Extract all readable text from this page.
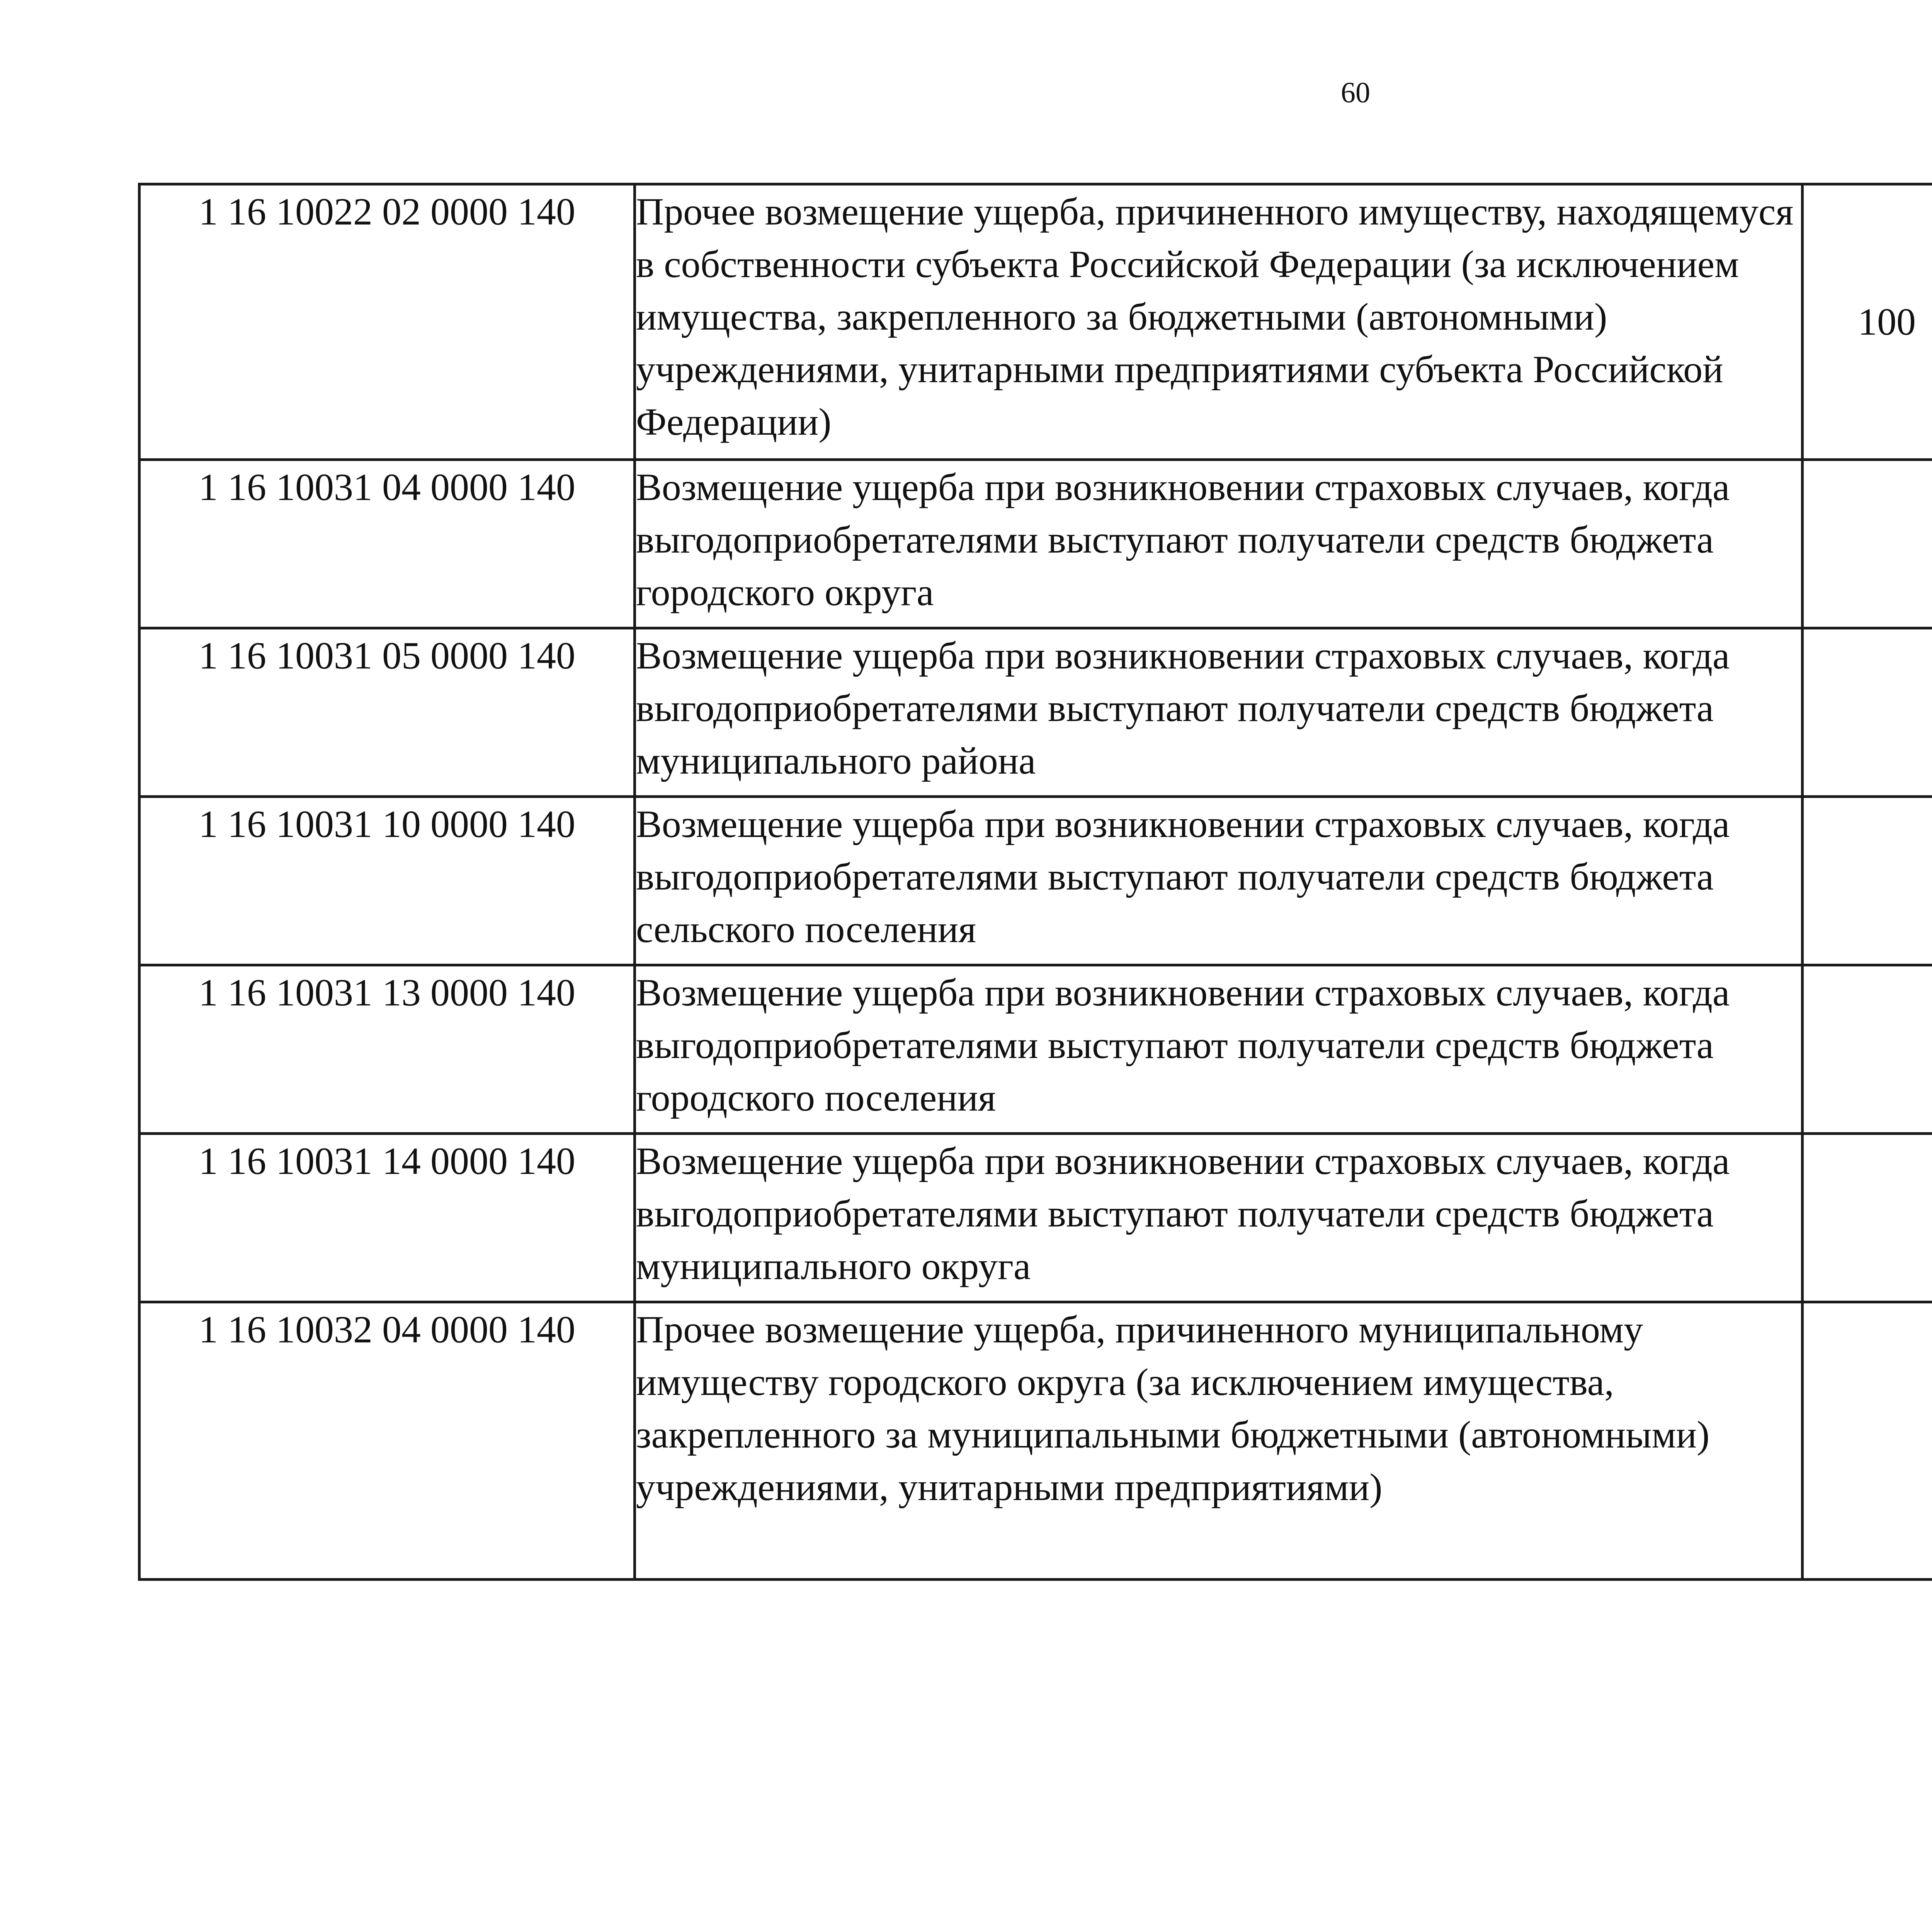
60
1 16 10022 02 0000 140	Прочее возмещение ущерба, причиненного имуществу, находящемуся в собственности субъекта Российской Федерации (за исключением имущества, закрепленного за бюджетными (автономными) учреждениями, унитарными предприятиями субъекта Российской Федерации)	100				
1 16 10031 04 0000 140	Возмещение ущерба при возникновении страховых случаев, когда выгодоприобретателями выступают получатели средств бюджета городского округа					
1 16 10031 05 0000 140	Возмещение ущерба при возникновении страховых случаев, когда выгодоприобретателями выступают получатели средств бюджета муниципального района					
1 16 10031 10 0000 140	Возмещение ущерба при возникновении страховых случаев, когда выгодоприобретателями выступают получатели средств бюджета сельского поселения					
1 16 10031 13 0000 140	Возмещение ущерба при возникновении страховых случаев, когда выгодоприобретателями выступают получатели средств бюджета городского поселения					
1 16 10031 14 0000 140	Возмещение ущерба при возникновении страховых случаев, когда выгодоприобретателями выступают получатели средств бюджета муниципального округа					
1 16 10032 04 0000 140	Прочее возмещение ущерба, причиненного муниципальному имуществу городского округа (за исключением имущества, закрепленного за муниципальными бюджетными (автономными) учреждениями, унитарными предприятиями)					
